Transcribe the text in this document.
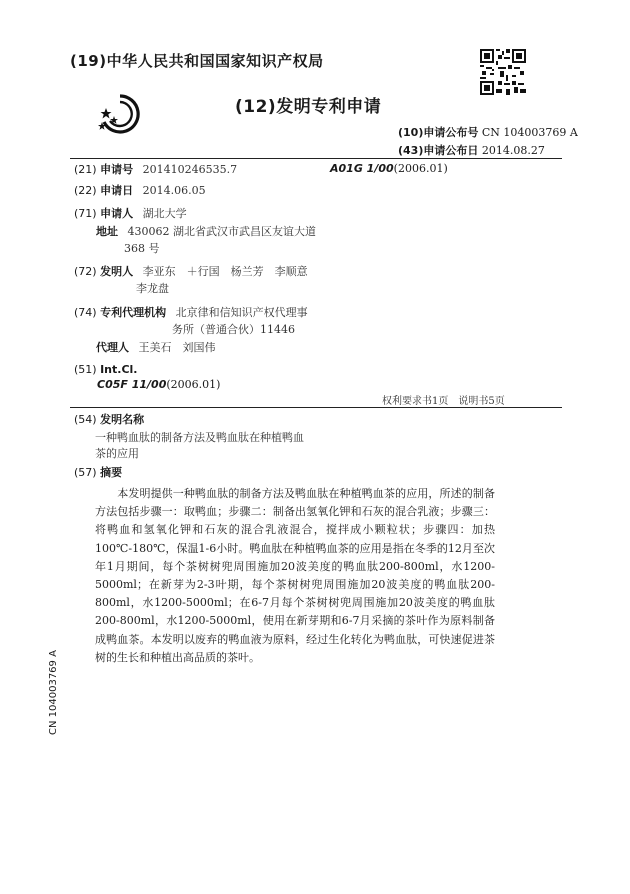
(19)中华人民共和国国家知识产权局
(12)发明专利申请
(10)申请公布号 CN 104003769 A
(43)申请公布日 2014.08.27
(21) 申请号 201410246535.7	A01G 1/00(2006.01)
(22) 申请日 2014.06.05
(71) 申请人 湖北大学
地址 430062 湖北省武汉市武昌区友谊大道
368 号
(72) 发明人 李亚东　＋行国　杨兰芳　李顺意
李龙盘
(74) 专利代理机构 北京律和信知识产权代理事
务所（普通合伙）11446
代理人 王美石　刘国伟
(51) Int.Cl.
C05F 11/00(2006.01)
权利要求书1页　说明书5页
(54) 发明名称
一种鸭血肽的制备方法及鸭血肽在种植鸭血
茶的应用
(57) 摘要
　　本发明提供一种鸭血肽的制备方法及鸭血肽在种植鸭血茶的应用，所述的制备方法包括步骤一：取鸭血；步骤二：制备出氢氧化钾和石灰的混合乳液；步骤三：将鸭血和氢氧化钾和石灰的混合乳液混合，搅拌成小颗粒状；步骤四：加热100℃-180℃，保温1-6小时。鸭血肽在种植鸭血茶的应用是指在冬季的12月至次年1月期间，每个茶树树兜周围施加20波美度的鸭血肽200-800ml，水1200-5000ml；在新芽为2-3叶期，每个茶树树兜周围施加20波美度的鸭血肽200-800ml，水1200-5000ml；在6-7月每个茶树树兜周围施加20波美度的鸭血肽200-800ml，水1200-5000ml，使用在新芽期和6-7月采摘的茶叶作为原料制备成鸭血茶。本发明以废弃的鸭血液为原料，经过生化转化为鸭血肽，可快速促进茶树的生长和种植出高品质的茶叶。
CN 104003769 A
